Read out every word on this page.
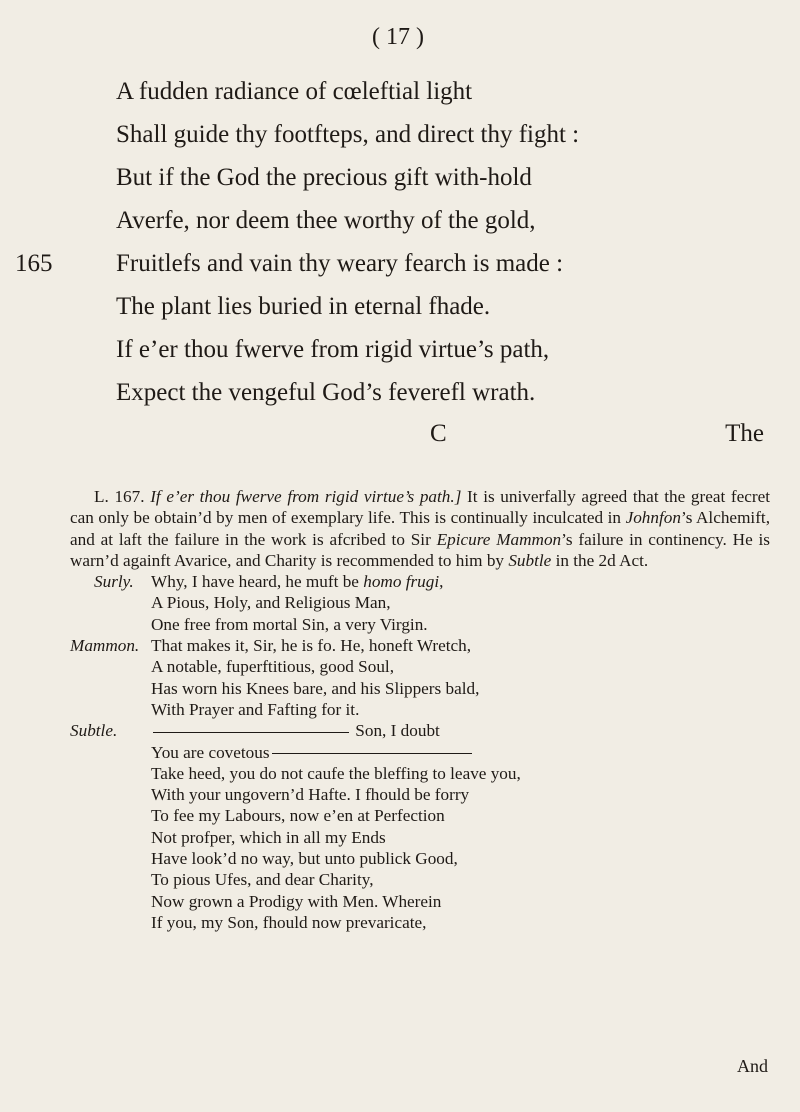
( 17 )
A fudden radiance of cœleftial light
Shall guide thy footfteps, and direct thy fight :
But if the God the precious gift with-hold
Averfe, nor deem thee worthy of the gold,
165	Fruitlefs and vain thy weary fearch is made :
The plant lies buried in eternal fhade.
If e’er thou fwerve from rigid virtue’s path,
Expect the vengeful God’s feverefl wrath.
C	The

L. 167. If e’er thou fwerve from rigid virtue’s path.] It is univerfally agreed that the great fecret can only be obtain’d by men of exemplary life. This is continually inculcated in Johnfon’s Alchemift, and at laft the failure in the work is afcribed to Sir Epicure Mammon’s failure in continency. He is warn’d againft Avarice, and Charity is recommended to him by Subtle in the 2d Act.

Surly. Why, I have heard, he muft be homo frugi,
A Pious, Holy, and Religious Man,
One free from mortal Sin, a very Virgin.
Mammon. That makes it, Sir, he is fo. He, honeft Wretch,
A notable, fuperftitious, good Soul,
Has worn his Knees bare, and his Slippers bald,
With Prayer and Fafting for it.
Subtle.	Son, I doubt
You are covetous
Take heed, you do not caufe the bleffing to leave you,
With your ungovern’d Hafte. I fhould be forry
To fee my Labours, now e’en at Perfection
Not profper, which in all my Ends
Have look’d no way, but unto publick Good,
To pious Ufes, and dear Charity,
Now grown a Prodigy with Men. Wherein
If you, my Son, fhould now prevaricate,
And
